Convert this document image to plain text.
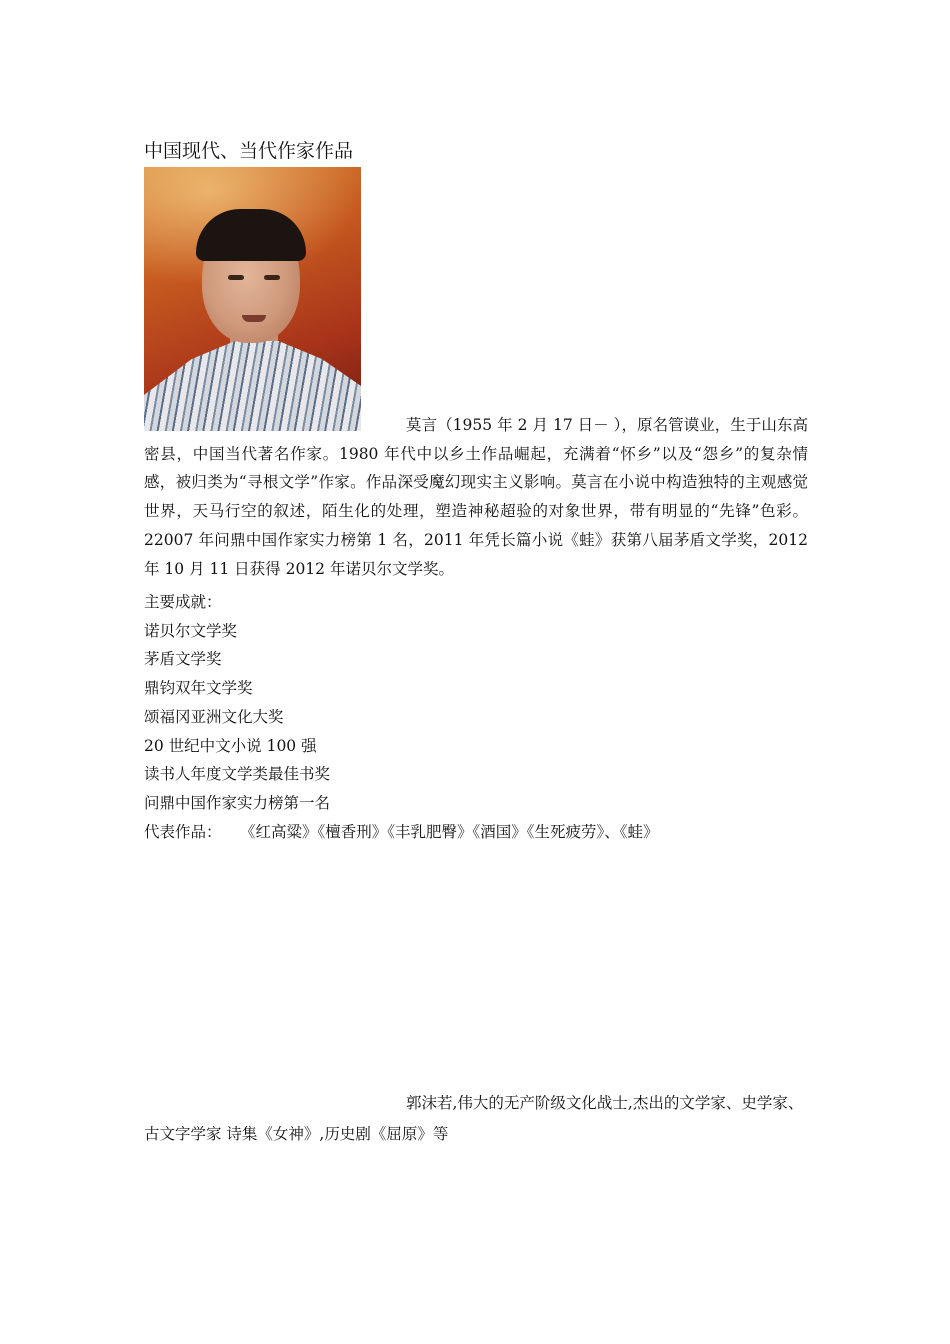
中国现代、当代作家作品

莫言（1955 年 2 月 17 日－ ），原名管谟业，生于山东高密县，中国当代著名作家。1980 年代中以乡土作品崛起，充满着“怀乡”以及“怨乡”的复杂情感，被归类为“寻根文学”作家。作品深受魔幻现实主义影响。莫言在小说中构造独特的主观感觉世界，天马行空的叙述，陌生化的处理，塑造神秘超验的对象世界，带有明显的“先锋”色彩。22007 年问鼎中国作家实力榜第 1 名，2011 年凭长篇小说《蛙》获第八届茅盾文学奖，2012 年 10 月 11 日获得 2012 年诺贝尔文学奖。

主要成就：
诺贝尔文学奖
茅盾文学奖
鼎钧双年文学奖
颂福冈亚洲文化大奖
20 世纪中文小说 100 强
读书人年度文学类最佳书奖
问鼎中国作家实力榜第一名
代表作品： 《红高粱》《檀香刑》《丰乳肥臀》《酒国》《生死疲劳》、《蛙》

郭沫若,伟大的无产阶级文化战士,杰出的文学家、史学家、古文字学家 诗集《女神》,历史剧《屈原》等
